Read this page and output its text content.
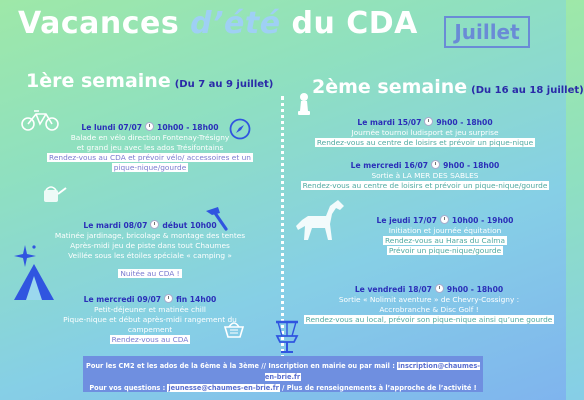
Vacances d’été du CDA	Juillet
1ère semaine (Du 7 au 9 juillet) 2ème semaine (Du 16 au 18 juillet)
Le lundi 07/07 10h00 - 18h00
Balade en vélo direction Fontenay-Trésigny
et grand jeu avec les ados Trésifontains
Rendez-vous au CDA et prévoir vélo/ accessoires et un
pique-nique/gourde
Le mardi 08/07 début 10h00
Matinée jardinage, bricolage & montage des tentes
Après-midi jeu de piste dans tout Chaumes
Veillée sous les étoiles spéciale « camping »
Nuitée au CDA !
Le mercredi 09/07 fin 14h00
Petit-déjeuner et matinée chill
Pique-nique et début après-midi rangement du campement
Rendez-vous au CDA
Le mardi 15/07 9h00 - 18h00
Journée tournoi ludisport et jeu surprise
Rendez-vous au centre de loisirs et prévoir un pique-nique
Le mercredi 16/07 9h00 - 18h00
Sortie à LA MER DES SABLES
Rendez-vous au centre de loisirs et prévoir un pique-nique/gourde
Le jeudi 17/07 10h00 - 19h00
Initiation et journée équitation
Rendez-vous au Haras du Calma
Prévoir un pique-nique/gourde
Le vendredi 18/07 9h00 - 18h00
Sortie « Nolimit aventure » de Chevry-Cossigny :
Accrobranche & Disc Golf !
Rendez-vous au local, prévoir son pique-nique ainsi qu’une gourde
Pour les CM2 et les ados de la 6ème à la 3ème // Inscription en mairie ou par mail : inscription@chaumes-en-brie.fr
Pour vos questions : jeunesse@chaumes-en-brie.fr / Plus de renseignements à l’approche de l’activité !
